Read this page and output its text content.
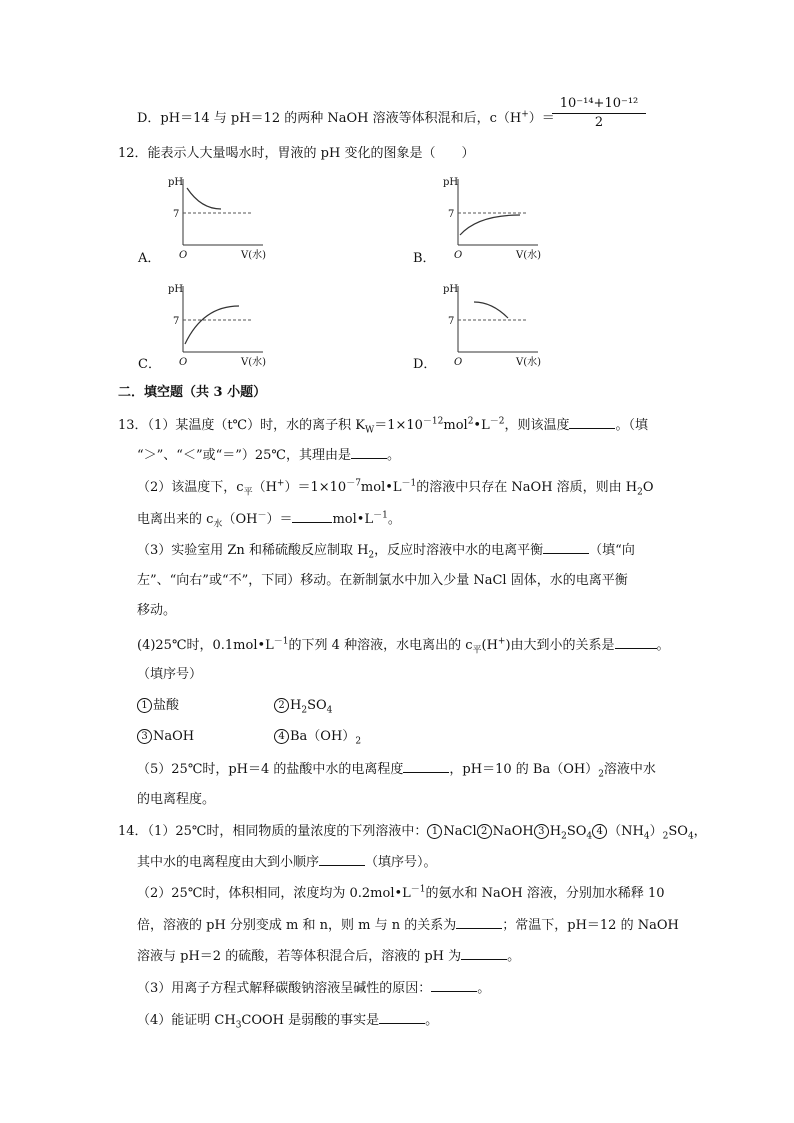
D．pH＝14 与 pH＝12 的两种 NaOH 溶液等体积混和后，c（H+）＝
$\frac{\text{10⁻¹⁴+10⁻¹²}}{2}$
12．能表示人大量喝水时，胃液的 pH 变化的图象是（　　）
pH
7
O	V(水)
A．
pH
7
O	V(水)
B．
pH
7
O	V(水)
C．
pH
7
O	V(水)
D．
二．填空题（共 3 小题）
13．（1）某温度（t℃）时，水的离子积 $K_W=1\times 10^{-12}mol^2•L^{-2}$，则该温度	。（填
“＞”、“＜”或“＝”）25℃，其理由是	。
（2）该温度下，$c_平(H^+)=1\times 10^{-7}mol•L^{-1}$的溶液中只存在 NaOH 溶质，则由 $H_2O$
电离出来的 $c_水(OH^-)=$	$mol•L^{-1}$。
（3）实验室用 Zn 和稀硫酸反应制取 $H_2$，反应时溶液中水的电离平衡	（填“向
左”、“向右”或“不”，下同）移动。在新制氯水中加入少量 NaCl 固体，水的电离平衡
移动。
(4)25℃时，$0.1mol•L^{-1}$的下列 4 种溶液，水电离出的 $c_平(H^+)$由大到小的关系是	。
（填序号）
1 盐酸	2 $H_2SO_4$
3 NaOH	4 $Ba(OH)_2$
（5）25℃时，pH＝4 的盐酸中水的电离程度	，pH＝10 的 $Ba(OH)_2$溶液中水
的电离程度。
14．（1）25℃时，相同物质的量浓度的下列溶液中： 1 NaCl 2 NaOH 3 $H_2SO_4$ 4 $(NH_4)_2SO_4$，
其中水的电离程度由大到小顺序	（填序号）。
（2）25℃时，体积相同，浓度均为 $0.2mol•L^{-1}$的氨水和 NaOH 溶液，分别加水稀释 10
倍，溶液的 pH 分别变成 m 和 n，则 m 与 n 的关系为	；常温下，pH＝12 的 NaOH
溶液与 pH＝2 的硫酸，若等体积混合后，溶液的 pH 为	。
（3）用离子方程式解释碳酸钠溶液呈碱性的原因：	。
（4）能证明 $CH_3COOH$ 是弱酸的事实是	。
